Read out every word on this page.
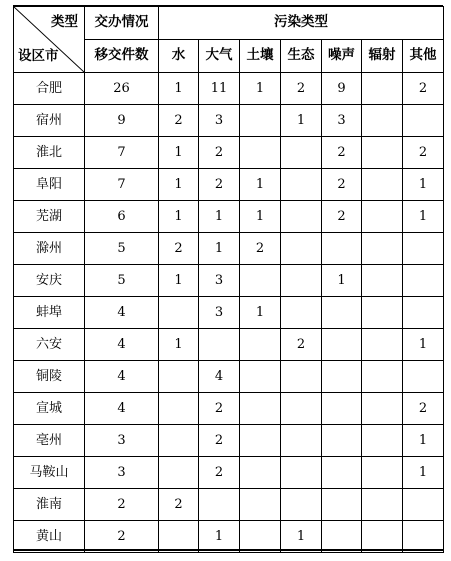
类型
设区市	交办情况	污染类型						
	移交件数	水	大气	土壤	生态	噪声	辐射	其他
合肥	26	1	11	1	2	9		2
宿州	9	2	3		1	3		
淮北	7	1	2			2		2
阜阳	7	1	2	1		2		1
芜湖	6	1	1	1		2		1
滁州	5	2	1	2				
安庆	5	1	3			1		
蚌埠	4		3	1				
六安	4	1			2			1
铜陵	4		4					
宣城	4		2					2
亳州	3		2					1
马鞍山	3		2					1
淮南	2	2						
黄山	2		1		1			
